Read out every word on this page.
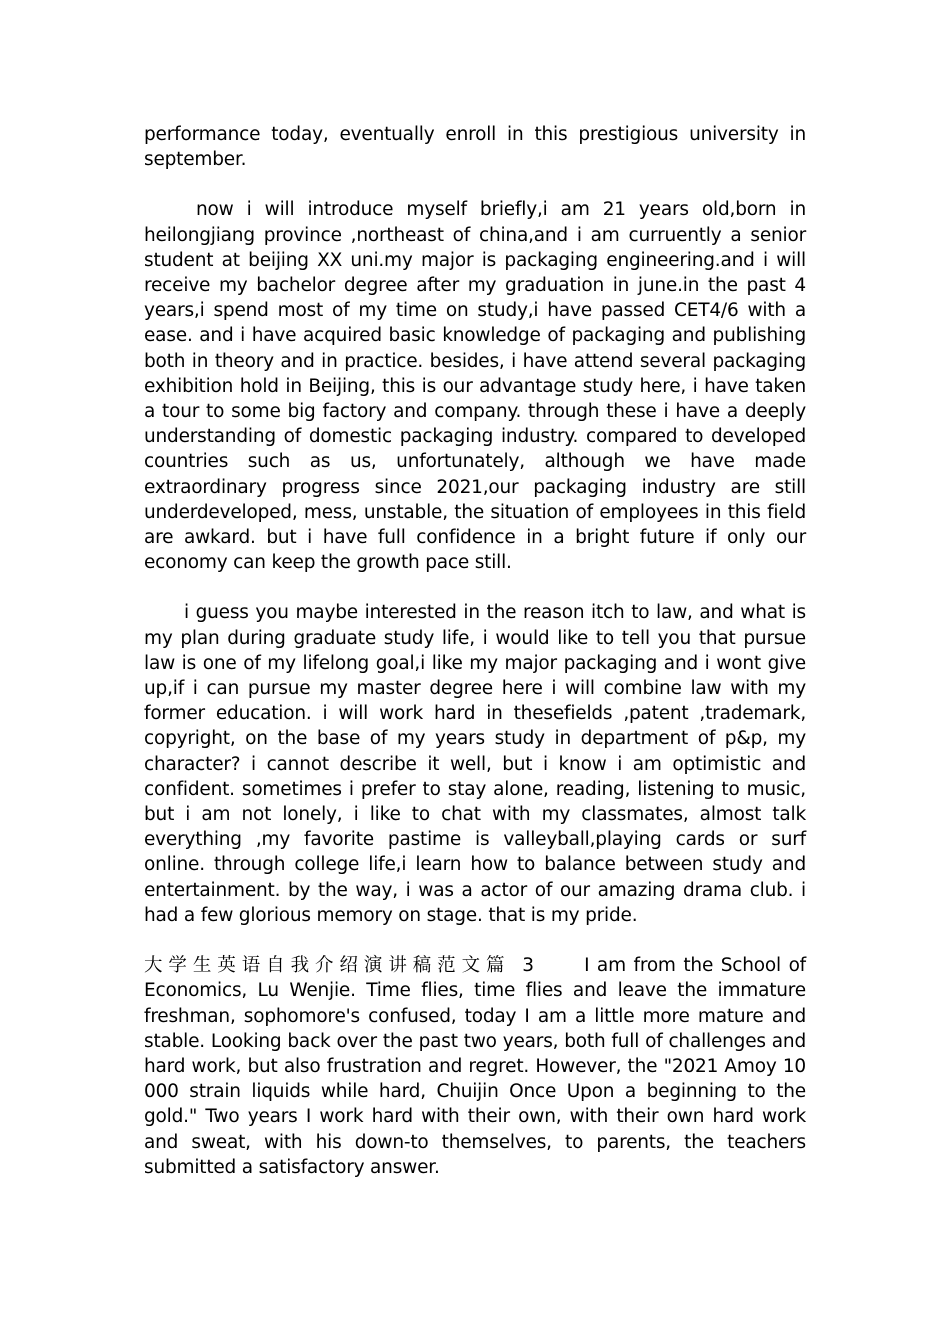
performance today, eventually enroll in this prestigious university in september.

now i will introduce myself briefly,i am 21 years old,born in heilongjiang province ,northeast of china,and i am curruently a senior student at beijing XX uni.my major is packaging engineering.and i will receive my bachelor degree after my graduation in june.in the past 4 years,i spend most of my time on study,i have passed CET4/6 with a ease. and i have acquired basic knowledge of packaging and publishing both in theory and in practice. besides, i have attend several packaging exhibition hold in Beijing, this is our advantage study here, i have taken a tour to some big factory and company. through these i have a deeply understanding of domestic packaging industry. compared to developed countries such as us, unfortunately, although we have made extraordinary progress since 2021,our packaging industry are still underdeveloped, mess, unstable, the situation of employees in this field are awkard. but i have full confidence in a bright future if only our economy can keep the growth pace still.

i guess you maybe interested in the reason itch to law, and what is my plan during graduate study life, i would like to tell you that pursue law is one of my lifelong goal,i like my major packaging and i wont give up,if i can pursue my master degree here i will combine law with my former education. i will work hard in thesefields ,patent ,trademark, copyright, on the base of my years study in department of p&p, my character? i cannot describe it well, but i know i am optimistic and confident. sometimes i prefer to stay alone, reading, listening to music, but i am not lonely, i like to chat with my classmates, almost talk everything ,my favorite pastime is valleyball,playing cards or surf online. through college life,i learn how to balance between study and entertainment. by the way, i was a actor of our amazing drama club. i had a few glorious memory on stage. that is my pride.

大学生英语自我介绍演讲稿范文篇 3 I am from the School of Economics, Lu Wenjie. Time flies, time flies and leave the immature freshman, sophomore's confused, today I am a little more mature and stable. Looking back over the past two years, both full of challenges and hard work, but also frustration and regret. However, the "2021 Amoy 10 000 strain liquids while hard, Chuijin Once Upon a beginning to the gold." Two years I work hard with their own, with their own hard work and sweat, with his down-to themselves, to parents, the teachers submitted a satisfactory answer.
